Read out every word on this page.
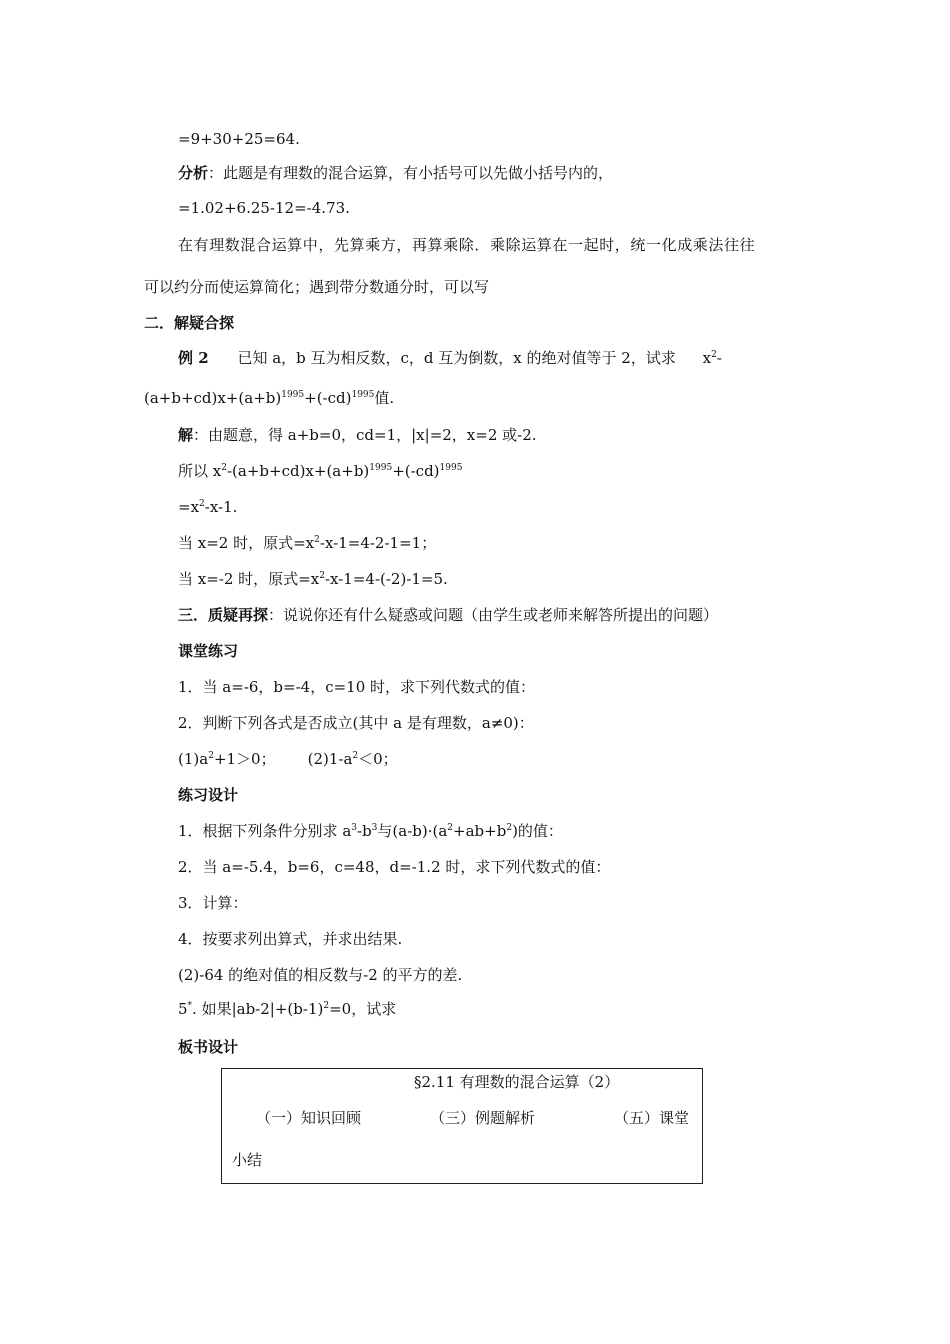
=9+30+25=64.

分析：此题是有理数的混合运算，有小括号可以先做小括号内的，

=1.02+6.25-12=-4.73.

在有理数混合运算中，先算乘方，再算乘除．乘除运算在一起时，统一化成乘法往往

可以约分而使运算简化；遇到带分数通分时，可以写

二．解疑合探

例 2 已知 a，b 互为相反数，c，d 互为倒数，x 的绝对值等于 2，试求 $x^2-$

$(a+b+cd)x+(a+b)^{1995}+(-cd)^{1995}$值.

解：由题意，得 a+b=0，cd=1，|x|=2，x=2 或-2.

所以 $x^2-(a+b+cd)x+(a+b)^{1995}+(-cd)^{1995}$

$=x^2-x-1$.

当 x=2 时，原式$=x^2-x-1=4-2-1=1$；

当 x=-2 时，原式$=x^2-x-1=4-(-2)-1=5$.

三．质疑再探：说说你还有什么疑惑或问题（由学生或老师来解答所提出的问题）

课堂练习

1．当 a=-6，b=-4，c=10 时，求下列代数式的值：

2．判断下列各式是否成立(其中 a 是有理数，a≠0)：

$(1)a^2+1>0$； $(2)1-a^2<0$；

练习设计

1．根据下列条件分别求 $a^3-b^3$与$(a-b)\cdot(a^2+ab+b^2)$的值：

2．当 a=-5.4，b=6，c=48，d=-1.2 时，求下列代数式的值：

3．计算：

4．按要求列出算式，并求出结果.

(2)-64 的绝对值的相反数与-2 的平方的差.

5*. 如果$|ab-2|+(b-1)^2=0$，试求

板书设计

§2.11 有理数的混合运算（2）
（一）知识回顾	（三）例题解析	（五）课堂
小结
